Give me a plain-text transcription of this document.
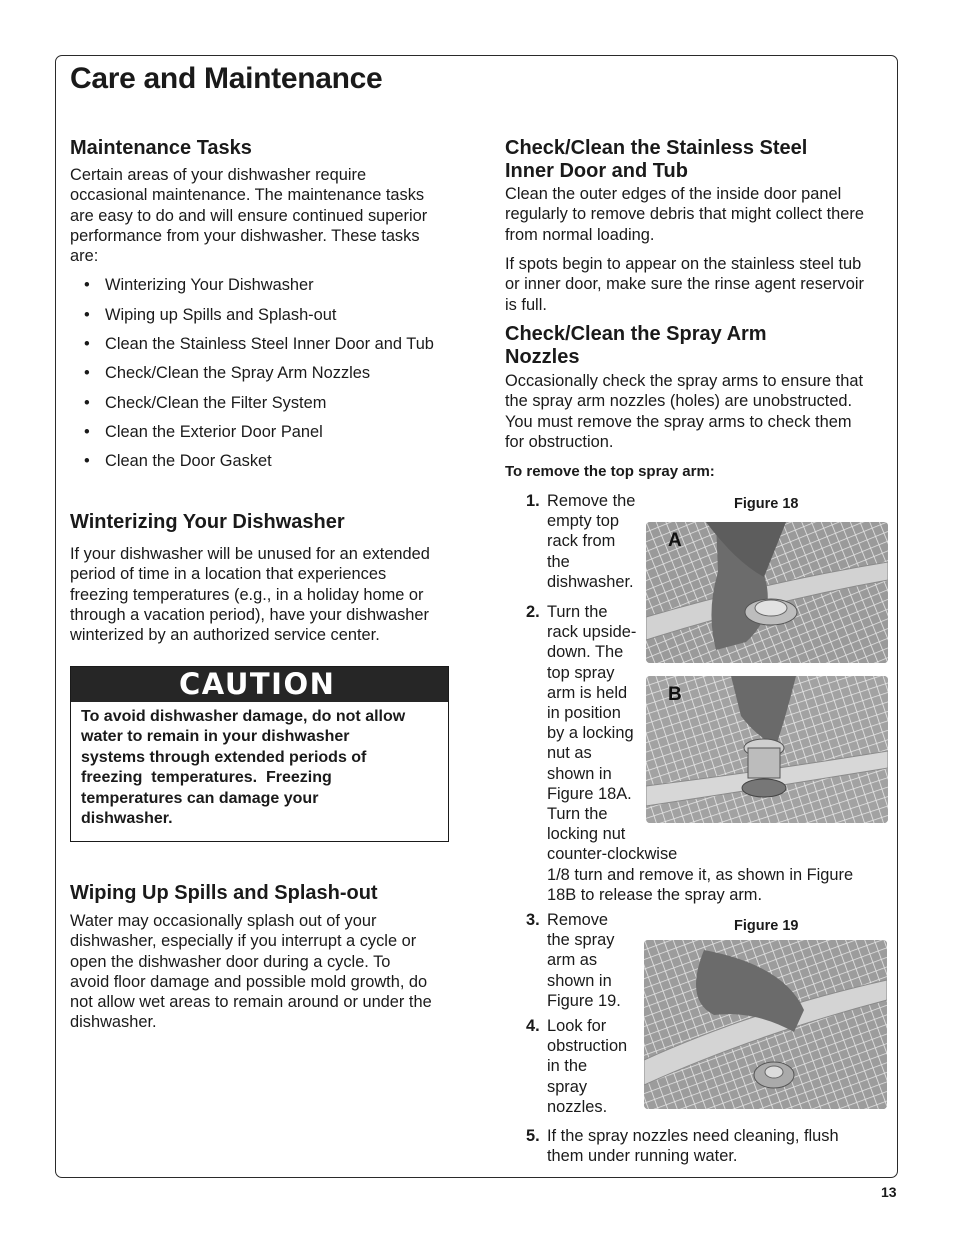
Care and Maintenance
Maintenance Tasks

Certain areas of your dishwasher require

occasional maintenance. The maintenance tasks

are easy to do and will ensure continued superior

performance from your dishwasher. These tasks

are:

• Winterizing Your Dishwasher
• Wiping up Spills and Splash-out
• Clean the Stainless Steel Inner Door and Tub
• Check/Clean the Spray Arm Nozzles
• Check/Clean the Filter System
• Clean the Exterior Door Panel
• Clean the Door Gasket
Winterizing Your Dishwasher

If your dishwasher will be unused for an extended

period of time in a location that experiences

freezing temperatures (e.g., in a holiday home or

through a vacation period), have your dishwasher

winterized by an authorized service center.

CAUTION
To avoid dishwasher damage, do not allow
water to remain in your dishwasher
systems through extended periods of
freezing  temperatures.  Freezing
temperatures can damage your
dishwasher.
Wiping Up Spills and Splash-out

Water may occasionally splash out of your

dishwasher, especially if you interrupt a cycle or

open the dishwasher door during a cycle. To

avoid floor damage and possible mold growth, do

not allow wet areas to remain around or under the

dishwasher.

Check/Clean the Stainless Steel
Inner Door and Tub

Clean the outer edges of the inside door panel

regularly to remove debris that might collect there

from normal loading.

If spots begin to appear on the stainless steel tub

or inner door, make sure the rinse agent reservoir

is full.

Check/Clean the Spray Arm
Nozzles

Occasionally check the spray arms to ensure that

the spray arm nozzles (holes) are unobstructed.

You must remove the spray arms to check them

for obstruction.

To remove the top spray arm:
1. Remove the
empty top
rack from
the
dishwasher.
2. Turn the
rack upside-
down. The
top spray
arm is held
in position
by a locking
nut as
shown in
Figure 18A.
Turn the
locking nut
counter-clockwise
1/8 turn and remove it, as shown in Figure
18B to release the spray arm.
3. Remove
the spray
arm as
shown in
Figure 19.
4. Look for
obstruction
in the
spray
nozzles.
5. If the spray nozzles need cleaning, flush
them under running water.
Figure 18
A
B
Figure 19
13
